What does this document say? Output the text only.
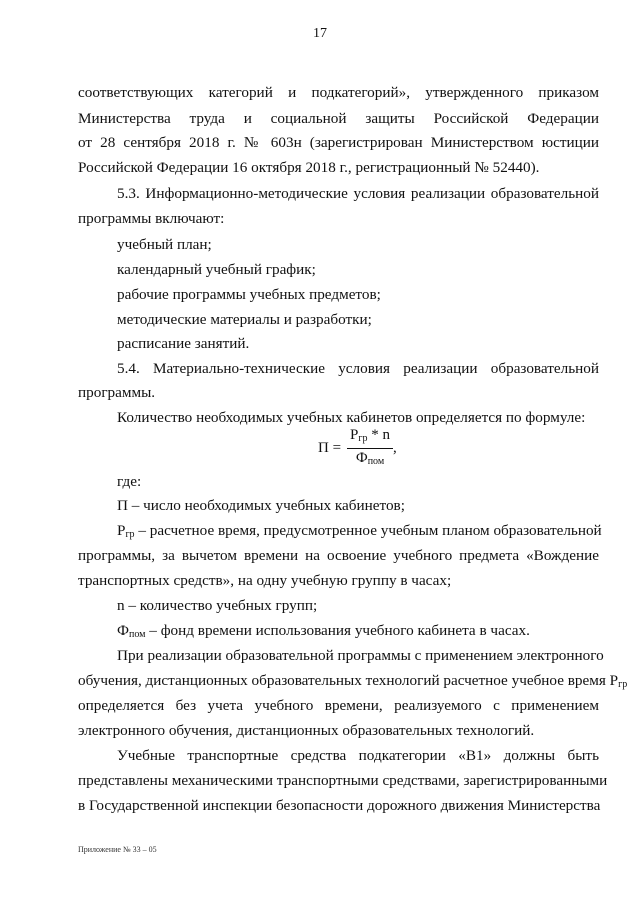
17
соответствующих категорий и подкатегорий», утвержденного приказом
Министерства труда и социальной защиты Российской Федерации
от 28 сентября 2018 г. № 603н (зарегистрирован Министерством юстиции
Российской Федерации 16 октября 2018 г., регистрационный № 52440).
5.3. Информационно-методические условия реализации образовательной
программы включают:
учебный план;
календарный учебный график;
рабочие программы учебных предметов;
методические материалы и разработки;
расписание занятий.
5.4. Материально-технические условия реализации образовательной
программы.
Количество необходимых учебных кабинетов определяется по формуле:
$П = \frac{Р_{гр} * n}{Ф_{пом}}$ ,
где:
П – число необходимых учебных кабинетов;
$Р_{гр}$ – расчетное время, предусмотренное учебным планом образовательной
программы, за вычетом времени на освоение учебного предмета «Вождение
транспортных средств», на одну учебную группу в часах;
n – количество учебных групп;
$Ф_{пом}$ – фонд времени использования учебного кабинета в часах.
При реализации образовательной программы с применением электронного
обучения, дистанционных образовательных технологий расчетное учебное время $Р_{гр}$
определяется без учета учебного времени, реализуемого с применением
электронного обучения, дистанционных образовательных технологий.
Учебные транспортные средства подкатегории «В1» должны быть
представлены механическими транспортными средствами, зарегистрированными
в Государственной инспекции безопасности дорожного движения Министерства
Приложение № 33 – 05
